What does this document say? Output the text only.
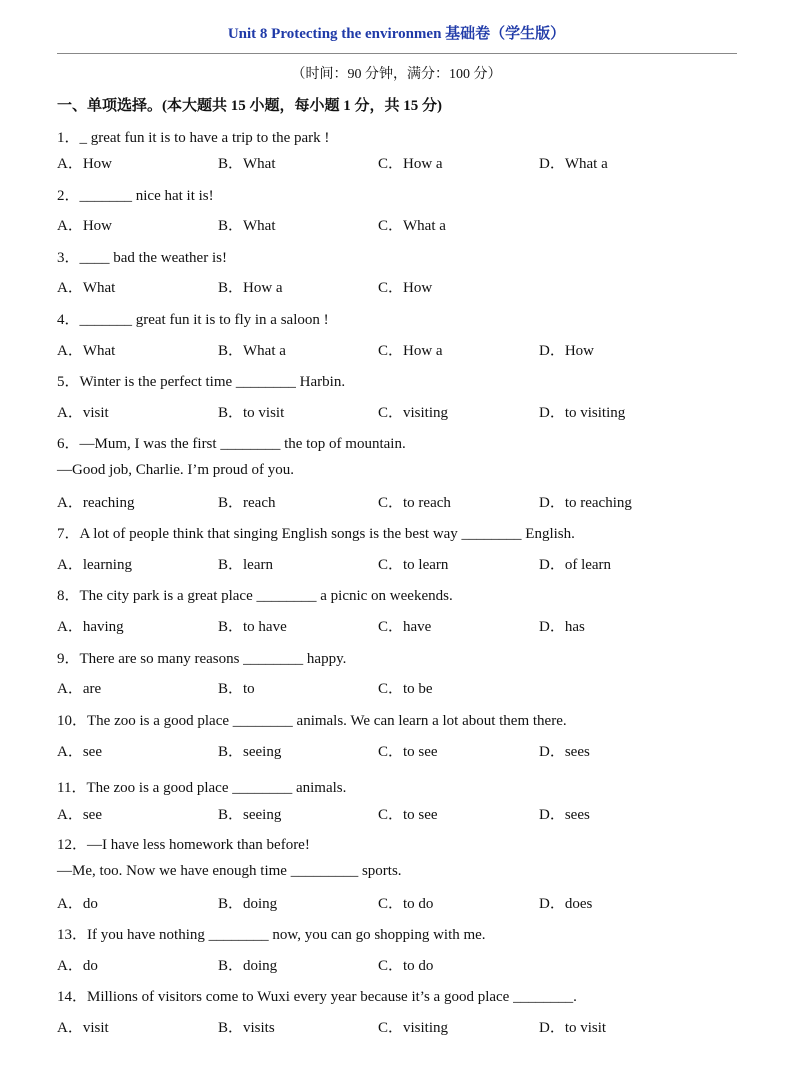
Unit 8 Protecting the environmen 基础卷（学生版）
（时间：90 分钟，满分：100 分）
一、单项选择。(本大题共 15 小题，每小题 1 分，共 15 分)
1．_ great fun it is to have a trip to the park !
A．How	B．What	C．How a	D．What a
2．_______ nice hat it is!
A．How	B．What	C．What a
3．____ bad the weather is!
A．What	B．How a	C．How
4．_______ great fun it is to fly in a saloon !
A．What	B．What a	C．How a	D．How
5．Winter is the perfect time ________ Harbin.
A．visit	B．to visit	C．visiting	D．to visiting
6．—Mum, I was the first ________ the top of mountain.
—Good job, Charlie. I’m proud of you.
A．reaching	B．reach	C．to reach	D．to reaching
7．A lot of people think that singing English songs is the best way ________ English.
A．learning	B．learn	C．to learn	D．of learn
8．The city park is a great place ________ a picnic on weekends.
A．having	B．to have	C．have	D．has
9．There are so many reasons ________ happy.
A．are	B．to	C．to be
10．The zoo is a good place ________ animals. We can learn a lot about them there.
A．see	B．seeing	C．to see	D．sees
11．The zoo is a good place ________ animals.
A．see	B．seeing	C．to see	D．sees
12．—I have less homework than before!
—Me, too. Now we have enough time _________ sports.
A．do	B．doing	C．to do	D．does
13．If you have nothing ________ now, you can go shopping with me.
A．do	B．doing	C．to do
14．Millions of visitors come to Wuxi every year because it’s a good place ________.
A．visit	B．visits	C．visiting	D．to visit
